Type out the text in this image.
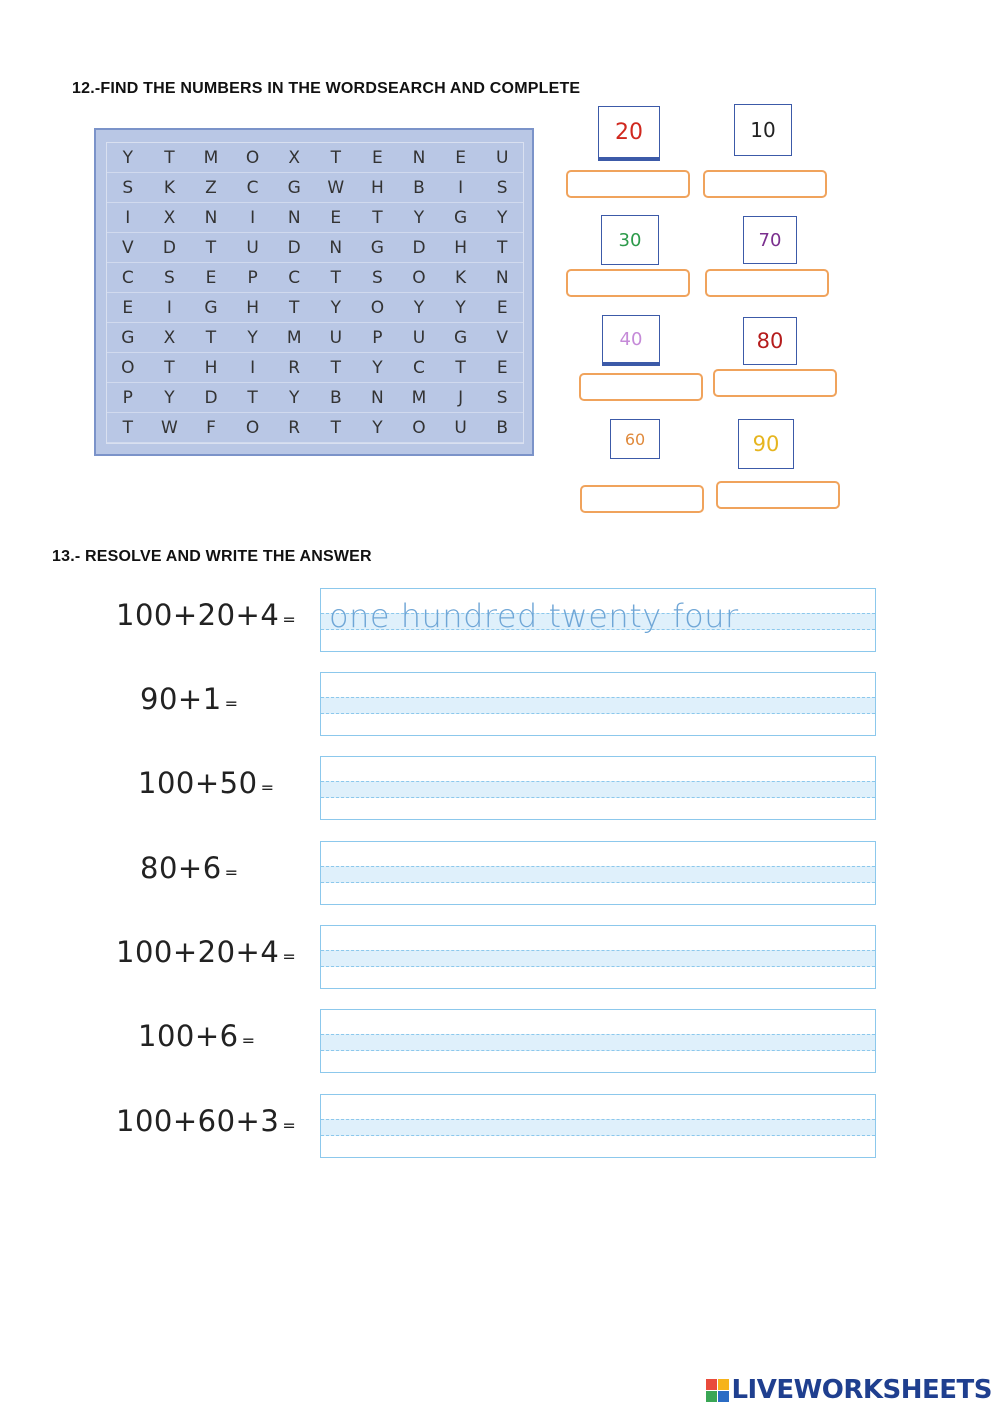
12.-FIND THE NUMBERS IN THE WORDSEARCH AND COMPLETE
Y	T	M	O	X	T	E	N	E	U
S	K	Z	C	G	W	H	B	I	S
I	X	N	I	N	E	T	Y	G	Y
V	D	T	U	D	N	G	D	H	T
C	S	E	P	C	T	S	O	K	N
E	I	G	H	T	Y	O	Y	Y	E
G	X	T	Y	M	U	P	U	G	V
O	T	H	I	R	T	Y	C	T	E
P	Y	D	T	Y	B	N	M	J	S
T	W	F	O	R	T	Y	O	U	B
20	10
30	70
40	80
60	90
13.- RESOLVE AND WRITE THE ANSWER
100+20+4 = one hundred twenty four
90+1 =
100+50 =
80+6 =
100+20+4 =
100+6 =
100+60+3 =
LIVEWORKSHEETS
